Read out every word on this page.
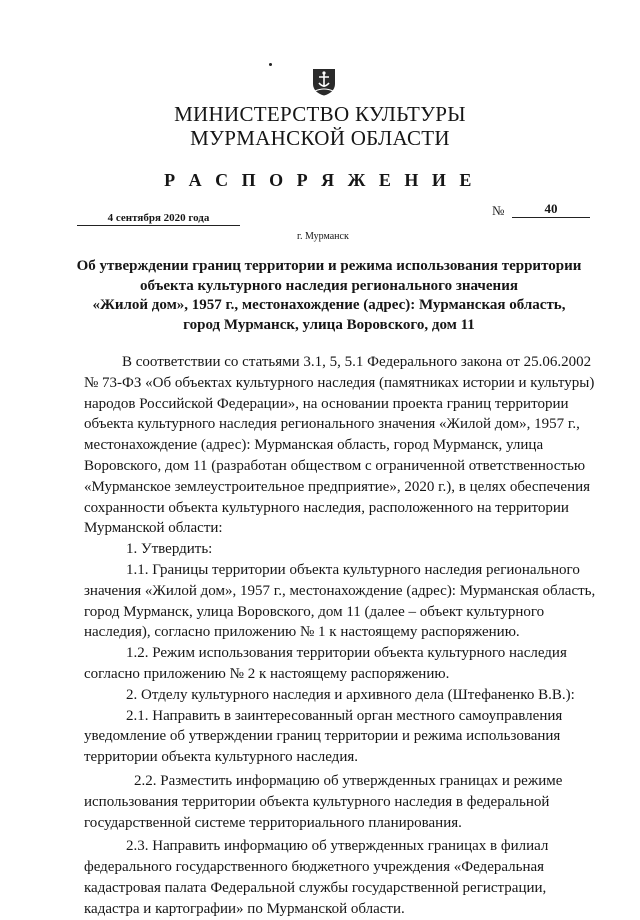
МИНИСТЕРСТВО КУЛЬТУРЫ
МУРМАНСКОЙ ОБЛАСТИ
Р А С П О Р Я Ж Е Н И Е
4 сентября 2020 года	№	40
г. Мурманск
Об утверждении границ территории и режима использования территории
объекта культурного наследия регионального значения
«Жилой дом», 1957 г., местонахождение (адрес): Мурманская область,
город Мурманск, улица Воровского, дом 11
В соответствии со статьями 3.1, 5, 5.1 Федерального закона от 25.06.2002
№ 73-ФЗ «Об объектах культурного наследия (памятниках истории и культуры)
народов Российской Федерации», на основании проекта границ территории
объекта культурного наследия регионального значения «Жилой дом», 1957 г.,
местонахождение (адрес): Мурманская область, город Мурманск, улица
Воровского, дом 11 (разработан обществом с ограниченной ответственностью
«Мурманское землеустроительное предприятие», 2020 г.), в целях обеспечения
сохранности объекта культурного наследия, расположенного на территории
Мурманской области:
1. Утвердить:
1.1. Границы территории объекта культурного наследия регионального
значения «Жилой дом», 1957 г., местонахождение (адрес): Мурманская область,
город Мурманск, улица Воровского, дом 11 (далее – объект культурного
наследия), согласно приложению № 1 к настоящему распоряжению.
1.2. Режим использования территории объекта культурного наследия
согласно приложению № 2 к настоящему распоряжению.
2. Отделу культурного наследия и архивного дела (Штефаненко В.В.):
2.1. Направить в заинтересованный орган местного самоуправления
уведомление об утверждении границ территории и режима использования
территории объекта культурного наследия.
2.2. Разместить информацию об утвержденных границах и режиме
использования территории объекта культурного наследия в федеральной
государственной системе территориального планирования.
2.3. Направить информацию об утвержденных границах в филиал
федерального государственного бюджетного учреждения «Федеральная
кадастровая палата Федеральной службы государственной регистрации,
кадастра и картографии» по Мурманской области.
